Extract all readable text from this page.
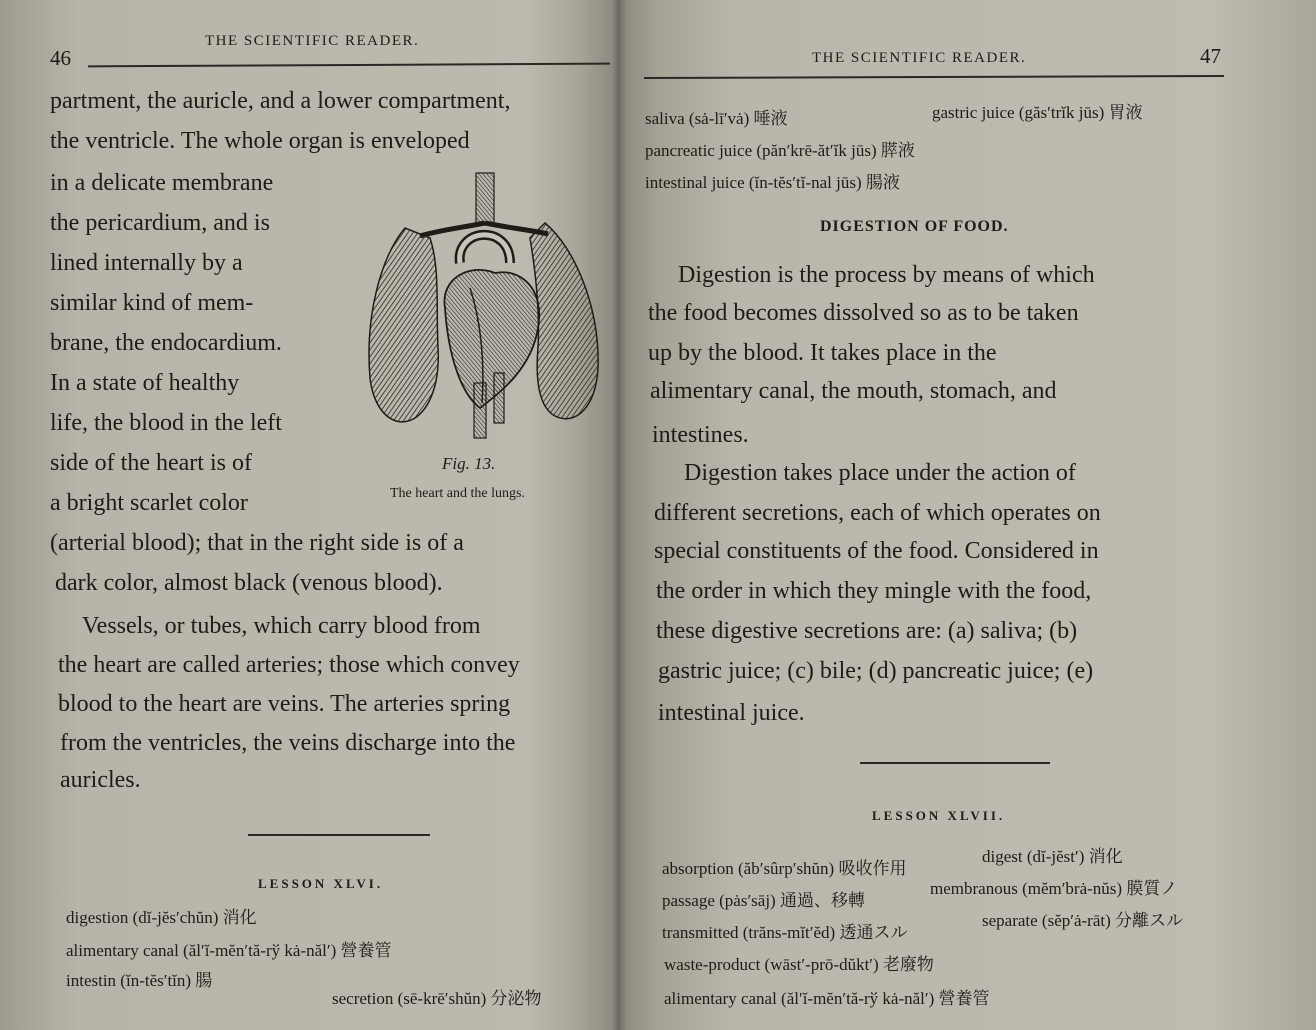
46
THE SCIENTIFIC READER.
partment, the auricle, and a lower compartment,
the ventricle. The whole organ is enveloped
in a delicate membrane
the pericardium, and is
lined internally by a
similar kind of mem-
brane, the endocardium.
In a state of healthy
life, the blood in the left
side of the heart is of
a bright scarlet color
(arterial blood); that in the right side is of a
dark color, almost black (venous blood).
Vessels, or tubes, which carry blood from
the heart are called arteries; those which convey
blood to the heart are veins. The arteries spring
from the ventricles, the veins discharge into the
auricles.
Fig. 13.
The heart and the lungs.
LESSON XLVI.
digestion (dĭ-jĕs′chŭn) 消化
alimentary canal (ăl′ĭ-mĕn′tă-rў kȧ-năl′) 營養管
intestin (ĭn-tĕs′tĭn) 腸
secretion (sē-krē′shŭn) 分泌物
THE SCIENTIFIC READER.	47
saliva (sȧ-lī′vȧ) 唾液	gastric juice (găs′trĭk jūs) 胃液
pancreatic juice (păn′krē-ăt′ĭk jūs) 膵液
intestinal juice (ĭn-tĕs′tĭ-nal jūs) 腸液
DIGESTION OF FOOD.
Digestion is the process by means of which
the food becomes dissolved so as to be taken
up by the blood. It takes place in the
alimentary canal, the mouth, stomach, and
intestines.
Digestion takes place under the action of
different secretions, each of which operates on
special constituents of the food. Considered in
the order in which they mingle with the food,
these digestive secretions are: (a) saliva; (b)
gastric juice; (c) bile; (d) pancreatic juice; (e)
intestinal juice.
LESSON XLVII.
absorption (ăb′sûrp′shŭn) 吸收作用
digest (dĭ-jĕst′) 消化
passage (pȧs′sāj) 通過、移轉
membranous (mĕm′brȧ-nŭs) 膜質ノ
transmitted (trăns-mĭt′ĕd) 透通スル
separate (sĕp′ȧ-rāt) 分離スル
waste-product (wāst′-prō-dŭkt′) 老廢物
alimentary canal (ăl′ĭ-mĕn′tă-rў kȧ-năl′) 營養管
